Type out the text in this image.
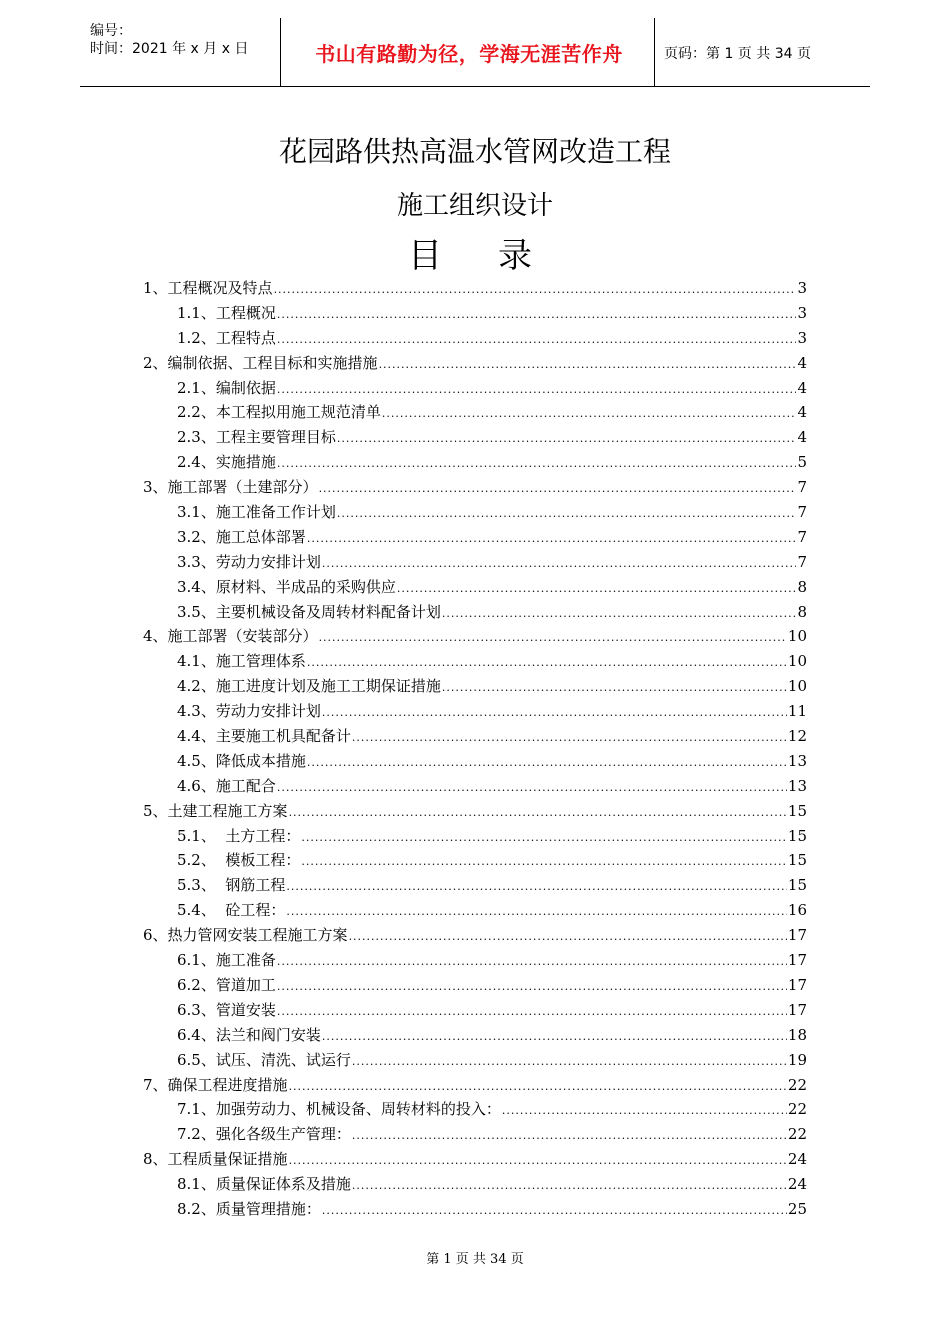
编号：
时间：2021 年 x 月 x 日	书山有路勤为径，学海无涯苦作舟	页码：第 1 页 共 34 页
花园路供热高温水管网改造工程
施工组织设计
目录
1、 工程概况及特点 .....	3
1.1、 工程概况 .....	3
1.2、 工程特点 .....	3
2、 编制依据、工程目标和实施措施 .....	4
2.1、 编制依据 .....	4
2.2、 本工程拟用施工规范清单 .....	4
2.3、 工程主要管理目标 .....	4
2.4、 实施措施 .....	5
3、 施工部署（土建部分） .....	7
3.1、 施工准备工作计划 .....	7
3.2、 施工总体部署 .....	7
3.3、 劳动力安排计划 .....	7
3.4、 原材料、半成品的采购供应 .....	8
3.5、 主要机械设备及周转材料配备计划 .....	8
4、 施工部署（安装部分） .....	10
4.1、 施工管理体系 .....	10
4.2、 施工进度计划及施工工期保证措施 .....	10
4.3、 劳动力安排计划 .....	11
4.4、 主要施工机具配备计 .....	12
4.5、 降低成本措施 .....	13
4.6、 施工配合 .....	13
5、 土建工程施工方案 .....	15
5.1、 土方工程： .....	15
5.2、 模板工程： .....	15
5.3、 钢筋工程 .....	15
5.4、 砼工程： .....	16
6、 热力管网安装工程施工方案 .....	17
6.1、 施工准备 .....	17
6.2、 管道加工 .....	17
6.3、 管道安装 .....	17
6.4、 法兰和阀门安装 .....	18
6.5、 试压、清洗、试运行 .....	19
7、 确保工程进度措施 .....	22
7.1、 加强劳动力、机械设备、周转材料的投入： .....	22
7.2、 强化各级生产管理： .....	22
8、 工程质量保证措施 .....	24
8.1、 质量保证体系及措施 .....	24
8.2、 质量管理措施： .....	25
第 1 页 共 34 页
